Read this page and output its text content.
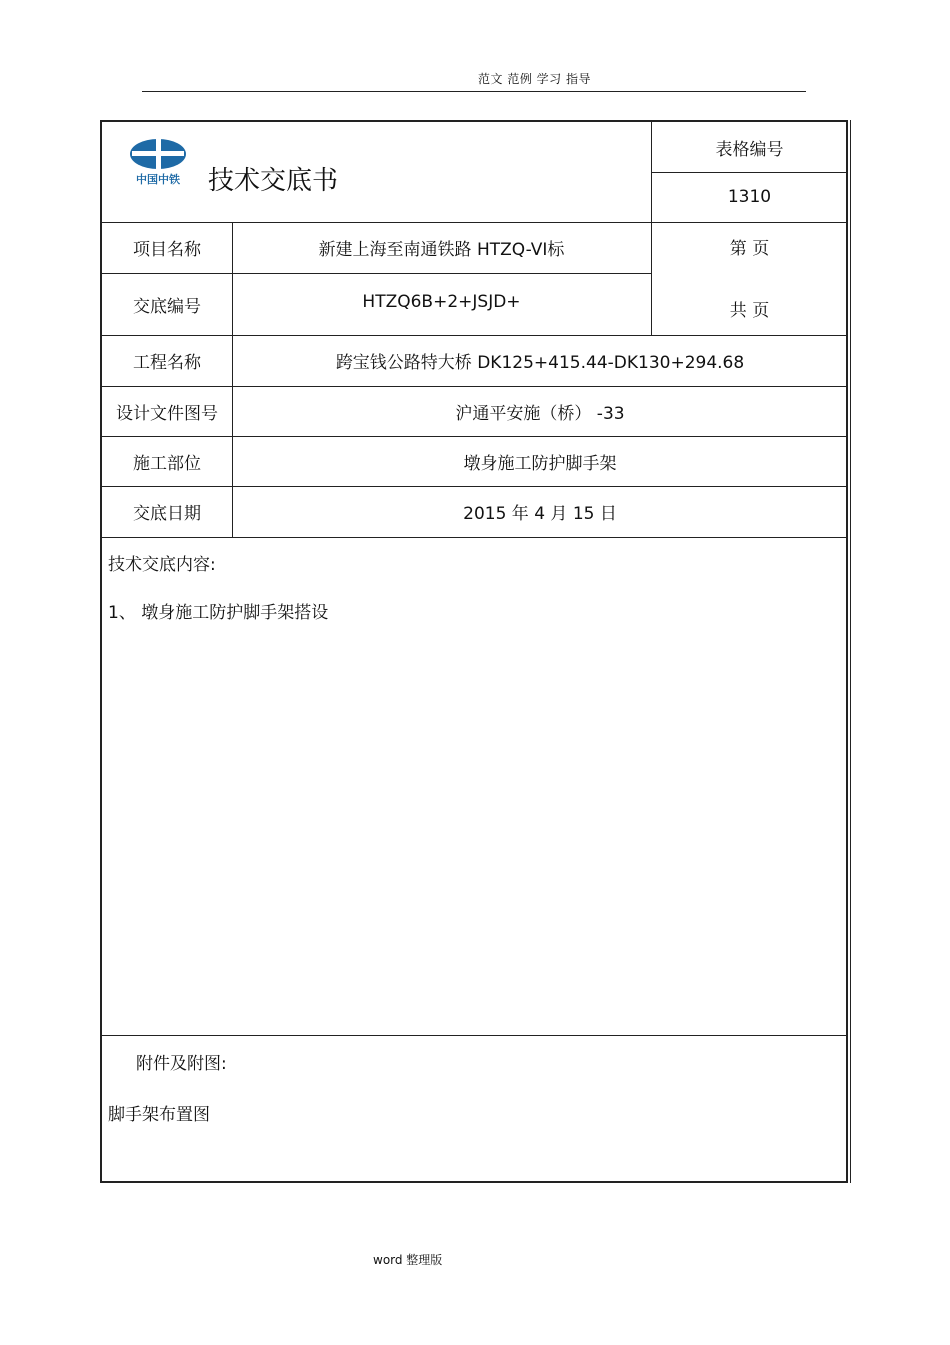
范文 范例 学习 指导
中国中铁 技术交底书
表格编号
1310
第 页
共 页
项目名称	新建上海至南通铁路 HTZQ-VI标
交底编号	HTZQ6B+2+JSJD+
工程名称	跨宝钱公路特大桥 DK125+415.44-DK130+294.68
设计文件图号	沪通平安施（桥） -33
施工部位	墩身施工防护脚手架
交底日期	2015 年 4 月 15 日
技术交底内容:
1、 墩身施工防护脚手架搭设
附件及附图:
脚手架布置图
word 整理版
